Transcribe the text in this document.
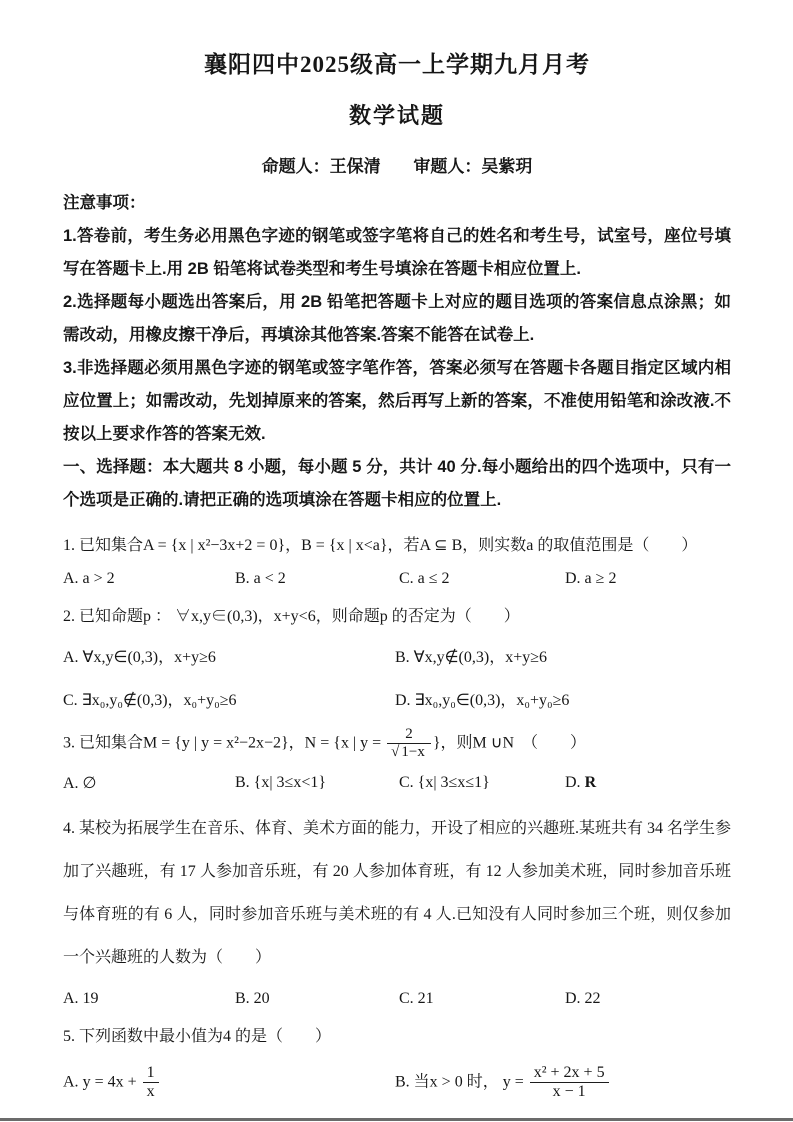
襄阳四中2025级高一上学期九月月考
数学试题
命题人：王保清 审题人：吴紫玥
注意事项：

1.答卷前，考生务必用黑色字迹的钢笔或签字笔将自己的姓名和考生号，试室号，座位号填写在答题卡上.用 2B 铅笔将试卷类型和考生号填涂在答题卡相应位置上.

2.选择题每小题选出答案后，用 2B 铅笔把答题卡上对应的题目选项的答案信息点涂黑；如需改动，用橡皮擦干净后，再填涂其他答案.答案不能答在试卷上.

3.非选择题必须用黑色字迹的钢笔或签字笔作答，答案必须写在答题卡各题目指定区域内相应位置上；如需改动，先划掉原来的答案，然后再写上新的答案，不准使用铅笔和涂改液.不按以上要求作答的答案无效.

一、选择题：本大题共 8 小题，每小题 5 分，共计 40 分.每小题给出的四个选项中，只有一个选项是正确的.请把正确的选项填涂在答题卡相应的位置上.

1. 已知集合A = {x | x²−3x+2 = 0}，B = {x | x<a}，若A ⊆ B，则实数a 的取值范围是（　　）

A. a > 2	B. a < 2	C. a ≤ 2	D. a ≥ 2

2. 已知命题p ： ∀x,y∈(0,3)，x+y<6，则命题p 的否定为（　　）

A. ∀x,y∈(0,3)，x+y≥6	B. ∀x,y∉(0,3)，x+y≥6
C. ∃x₀,y₀∉(0,3)，x₀+y₀≥6	D. ∃x₀,y₀∈(0,3)，x₀+y₀≥6

3. 已知集合M = {y | y = x²−2x−2}，N = {x | $y = \frac{2}{√ 1-x}$ }，则M ∪N　（　　）

A. ∅	B. {x| 3≤x<1}	C. {x| 3≤x≤1}	D. R

4. 某校为拓展学生在音乐、体育、美术方面的能力，开设了相应的兴趣班.某班共有 34 名学生参加了兴趣班，有 17 人参加音乐班，有 20 人参加体育班，有 12 人参加美术班，同时参加音乐班与体育班的有 6 人，同时参加音乐班与美术班的有 4 人.已知没有人同时参加三个班，则仅参加一个兴趣班的人数为（　　）

A. 19	B. 20	C. 21	D. 22

5. 下列函数中最小值为4 的是（　　）

A. $y = 4x + \frac{1}{x}$	B. 当x > 0 时， $y = \frac{\text{x² + 2x + 5}}{x - 1}$
